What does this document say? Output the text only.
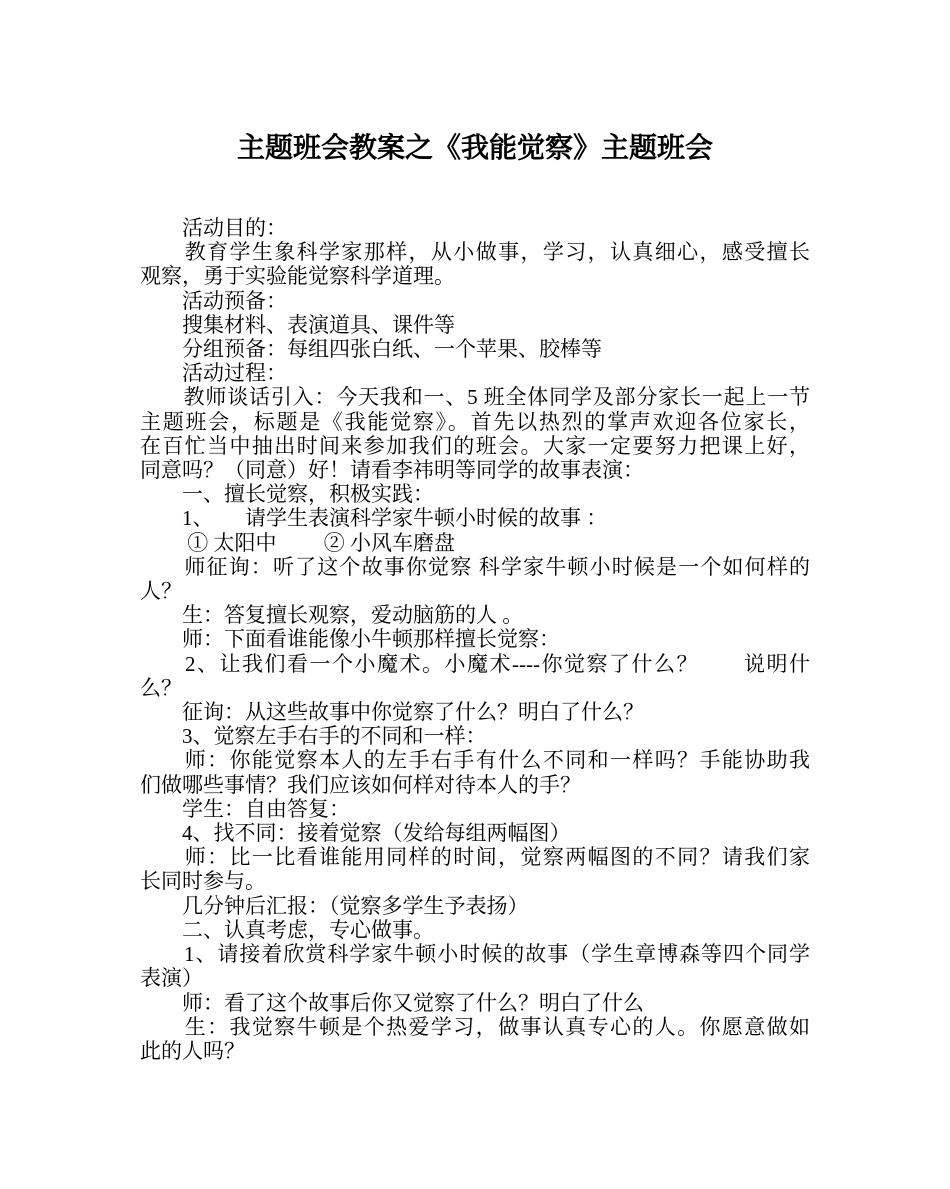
主题班会教案之《我能觉察》主题班会
　　活动目的：
　　教育学生象科学家那样，从小做事，学习，认真细心，感受擅长
观察，勇于实验能觉察科学道理。
　　活动预备：
　　搜集材料、表演道具、课件等
　　分组预备：每组四张白纸、一个苹果、胶棒等
　　活动过程：
　　教师谈话引入：今天我和一、5 班全体同学及部分家长一起上一节
主题班会，标题是《我能觉察》。首先以热烈的掌声欢迎各位家长，
在百忙当中抽出时间来参加我们的班会。大家一定要努力把课上好，
同意吗？（同意）好！请看李祎明等同学的故事表演：
　　一、擅长觉察，积极实践：
　　1、　　请学生表演科学家牛顿小时候的故事 ：
　　 ① 太阳中　　 ② 小风车磨盘
　　师征询：听了这个故事你觉察 科学家牛顿小时候是一个如何样的
人？
　　生：答复擅长观察，爱动脑筋的人 。
　　师：下面看谁能像小牛顿那样擅长觉察：
　　2、让我们看一个小魔术。小魔术----你觉察了什么？　　说明什
么？
　　征询：从这些故事中你觉察了什么？明白了什么？
　　3、觉察左手右手的不同和一样：
　　师：你能觉察本人的左手右手有什么不同和一样吗？手能协助我
们做哪些事情？我们应该如何样对待本人的手？
　　学生：自由答复：
　　4、找不同：接着觉察（发给每组两幅图）
　　师：比一比看谁能用同样的时间，觉察两幅图的不同？请我们家
长同时参与。
　　几分钟后汇报：（觉察多学生予表扬）
　　二、认真考虑，专心做事。
　　1、请接着欣赏科学家牛顿小时候的故事（学生章博森等四个同学
表演）
　　师：看了这个故事后你又觉察了什么？明白了什么
　　生：我觉察牛顿是个热爱学习，做事认真专心的人。你愿意做如
此的人吗？
